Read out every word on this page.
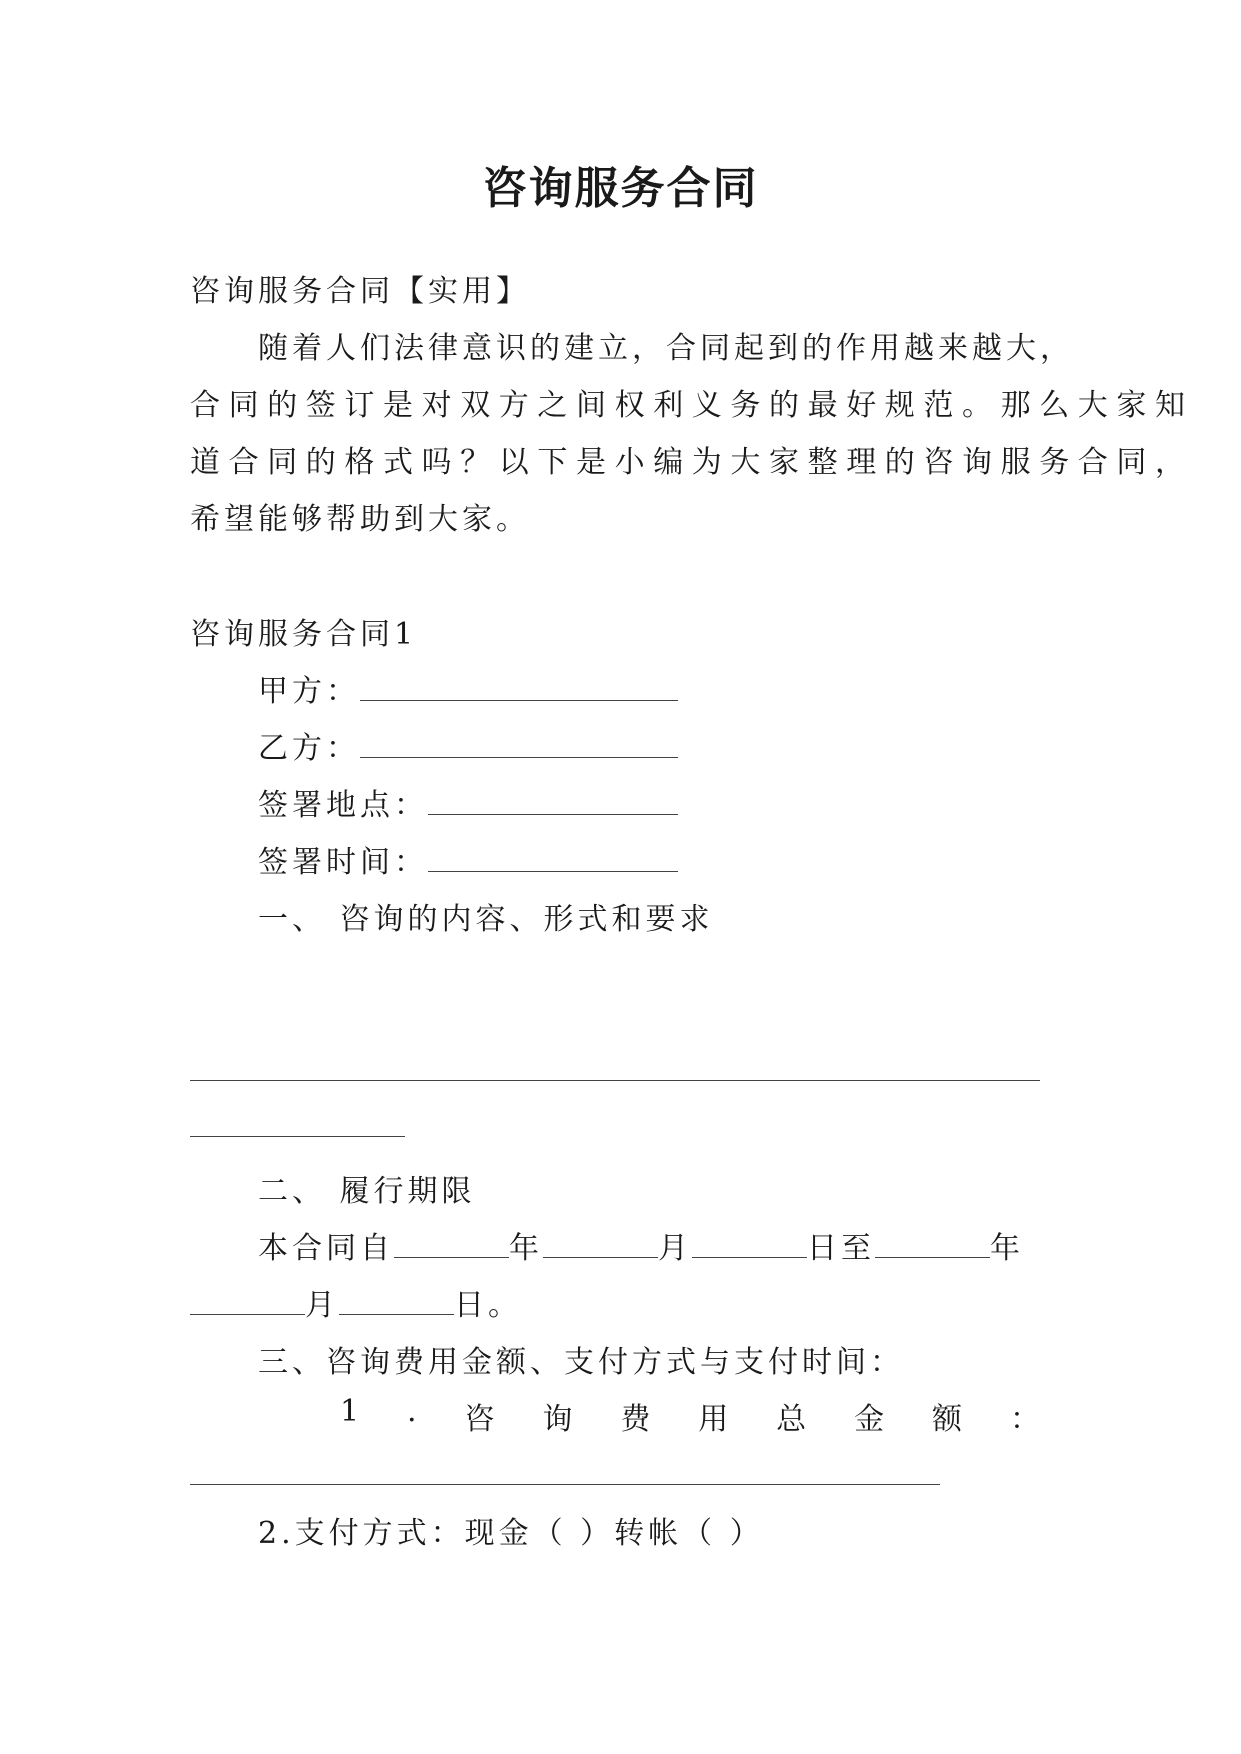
咨询服务合同
咨询服务合同【实用】
随着人们法律意识的建立，合同起到的作用越来越大，
合同的签订是对双方之间权利义务的最好规范。那么大家知
道合同的格式吗？以下是小编为大家整理的咨询服务合同，
希望能够帮助到大家。
咨询服务合同1
甲方：
乙方：
签署地点：
签署时间：
一、 咨询的内容、形式和要求
二、 履行期限
本合同自	年	月	日至	年
月	日。
三、咨询费用金额、支付方式与支付时间：
1 . 咨 询 费 用 总 金 额 ：
2.支付方式：现金（ ）转帐（ ）
